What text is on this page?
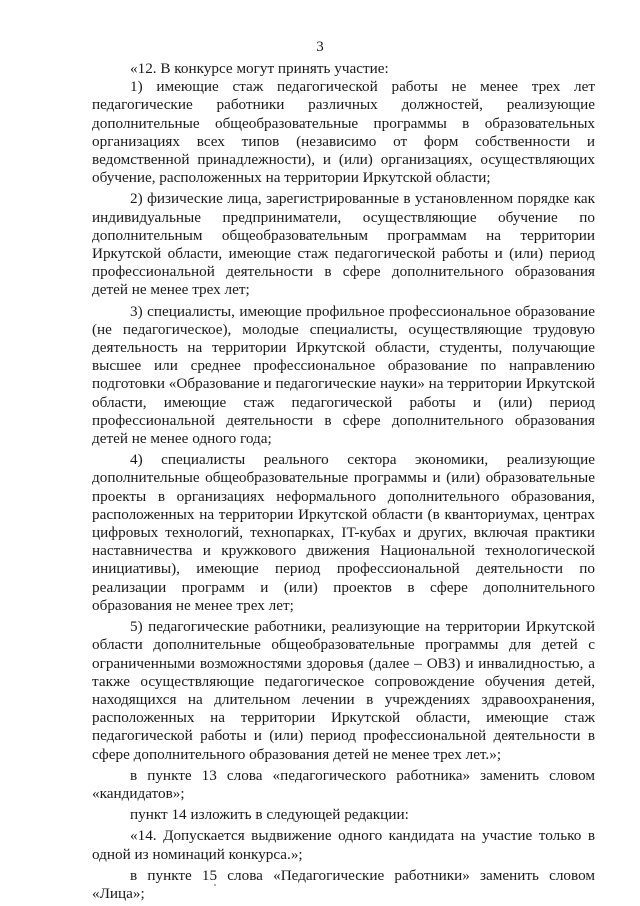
3

«12. В конкурсе могут принять участие:

1) имеющие стаж педагогической работы не менее трех лет педагогические работники различных должностей, реализующие дополнительные общеобразовательные программы в образовательных организациях всех типов (независимо от форм собственности и ведомственной принадлежности), и (или) организациях, осуществляющих обучение, расположенных на территории Иркутской области;

2) физические лица, зарегистрированные в установленном порядке как индивидуальные предприниматели, осуществляющие обучение по дополнительным общеобразовательным программам на территории Иркутской области, имеющие стаж педагогической работы и (или) период профессиональной деятельности в сфере дополнительного образования детей не менее трех лет;

3) специалисты, имеющие профильное профессиональное образование (не педагогическое), молодые специалисты, осуществляющие трудовую деятельность на территории Иркутской области, студенты, получающие высшее или среднее профессиональное образование по направлению подготовки «Образование и педагогические науки» на территории Иркутской области, имеющие стаж педагогической работы и (или) период профессиональной деятельности в сфере дополнительного образования детей не менее одного года;

4) специалисты реального сектора экономики, реализующие дополнительные общеобразовательные программы и (или) образовательные проекты в организациях неформального дополнительного образования, расположенных на территории Иркутской области (в кванториумах, центрах цифровых технологий, технопарках, IT-кубах и других, включая практики наставничества и кружкового движения Национальной технологической инициативы), имеющие период профессиональной деятельности по реализации программ и (или) проектов в сфере дополнительного образования не менее трех лет;

5) педагогические работники, реализующие на территории Иркутской области дополнительные общеобразовательные программы для детей с ограниченными возможностями здоровья (далее – ОВЗ) и инвалидностью, а также осуществляющие педагогическое сопровождение обучения детей, находящихся на длительном лечении в учреждениях здравоохранения, расположенных на территории Иркутской области, имеющие стаж педагогической работы и (или) период профессиональной деятельности в сфере дополнительного образования детей не менее трех лет.»;

в пункте 13 слова «педагогического работника» заменить словом «кандидатов»;

пункт 14 изложить в следующей редакции:

«14. Допускается выдвижение одного кандидата на участие только в одной из номинаций конкурса.»;

в пункте 15 слова «Педагогические работники» заменить словом «Лица»;
